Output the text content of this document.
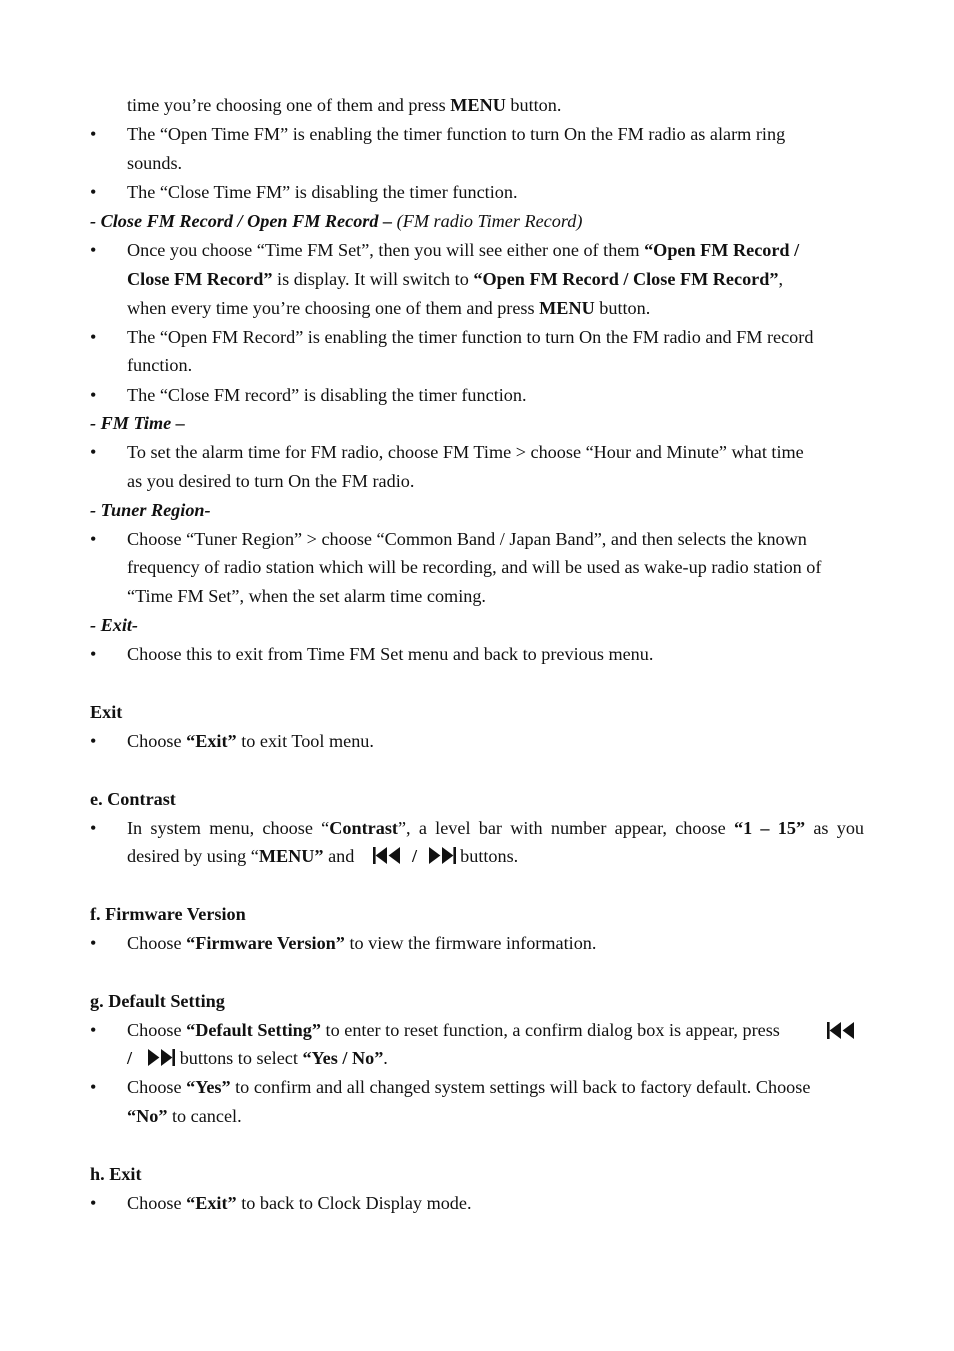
time you’re choosing one of them and press MENU button.
•	The “Open Time FM” is enabling the timer function to turn On the FM radio as alarm ring
sounds.
•	The “Close Time FM” is disabling the timer function.
- Close FM Record / Open FM Record – (FM radio Timer Record)
•	Once you choose “Time FM Set”, then you will see either one of them “Open FM Record /
Close FM Record” is display. It will switch to “Open FM Record / Close FM Record”,
when every time you’re choosing one of them and press MENU button.
•	The “Open FM Record” is enabling the timer function to turn On the FM radio and FM record
function.
•	The “Close FM record” is disabling the timer function.
- FM Time –
•	To set the alarm time for FM radio, choose FM Time > choose “Hour and Minute” what time
as you desired to turn On the FM radio.
- Tuner Region-
•	Choose “Tuner Region” > choose “Common Band / Japan Band”, and then selects the known
frequency of radio station which will be recording, and will be used as wake-up radio station of
“Time FM Set”, when the set alarm time coming.
- Exit-
•	Choose this to exit from Time FM Set menu and back to previous menu.
Exit
•	Choose “Exit” to exit Tool menu.
e. Contrast
•	In system menu, choose “Contrast”, a level bar with number appear, choose “1 – 15” as you
desired by using “MENU” and	/
buttons.
f. Firmware Version
•	Choose “Firmware Version” to view the firmware information.
g. Default Setting
•	Choose “Default Setting” to enter to reset function, a confirm dialog box is appear, press
/	buttons to select “Yes / No”.
•	Choose “Yes” to confirm and all changed system settings will back to factory default. Choose
“No” to cancel.
h. Exit
•	Choose “Exit” to back to Clock Display mode.
